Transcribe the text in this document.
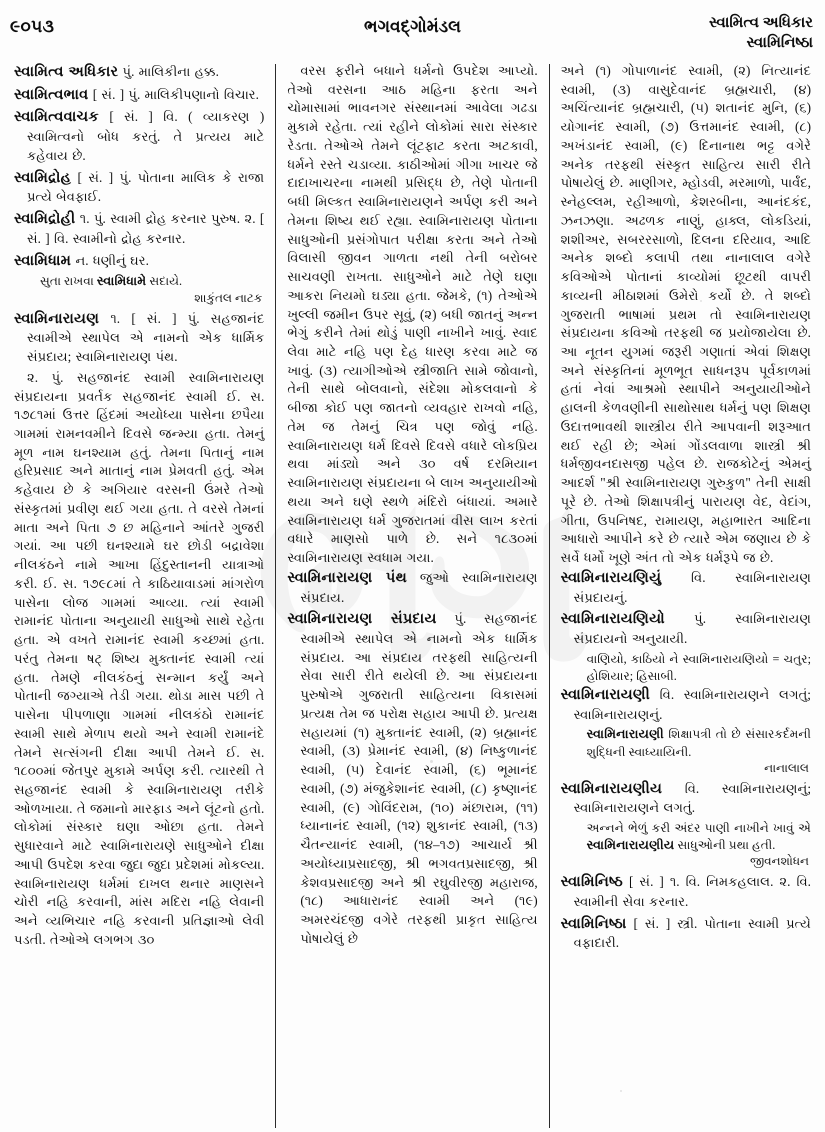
૯૦૫૩	ભગવદ્‌ગોમંડલ	સ્વામિત્વ અધિકાર
સ્વામિનિષ્ઠા

સ્વામિત્વ અધિકાર પું. માલિકીના હક્ક.

સ્વામિત્વભાવ [ સં. ] પું. માલિકીપણાનો વિચાર.

સ્વામિત્વવાચક [ સં. ] વિ. ( વ્યાકરણ ) સ્વામિત્વનો બોધ કરતું. તે પ્રત્યય માટે કહેવાય છે.

સ્વામિદ્રોહ [ સં. ] પું. પોતાના માલિક કે રાજા પ્રત્યે બેવફાઈ.

સ્વામિદ્રોહી ૧. પું. સ્વામી દ્રોહ કરનાર પુરુષ. ૨. [ સં. ] વિ. સ્વામીનો દ્રોહ કરનાર.

સ્વામિધામ ન. ધણીનું ઘર.

સુતા રાખવા સ્વામિધામે સદાયે.

શાકુંતલ નાટક

સ્વામિનારાયણ ૧. [ સં. ] પું. સહજાનંદ સ્વામીએ સ્થાપેલ એ નામનો એક ધાર્મિક સંપ્રદાય; સ્વામિનારાયણ પંથ.

૨. પું. સહજાનંદ સ્વામી સ્વામિનારાયણ સંપ્રદાયના પ્રવર્તક સહજાનંદ સ્વામી ઈ. સ. ૧૭૮૧માં ઉત્તર હિંદમાં અયોધ્યા પાસેના છપૈયા ગામમાં રામનવમીને દિવસે જન્મ્યા હતા. તેમનું મૂળ નામ ઘનશ્યામ હતું. તેમના પિતાનું નામ હરિપ્રસાદ અને માતાનું નામ પ્રેમવતી હતું. એમ કહેવાય છે કે અગિયાર વરસની ઉંમરે તેઓ સંસ્કૃતમાં પ્રવીણ થઈ ગયા હતા. તે વરસે તેમનાં માતા અને પિતા ૭ છ મહિનાને આંતરે ગુજરી ગયાં. આ પછી ઘનશ્યામે ઘર છોડી બદ્રાવેશા નીલકંઠને નામે આખા હિંદુસ્તાનની યાત્રાઓ કરી. ઈ. સ. ૧૭૯૮માં તે કાઠિયાવાડમાં માંગરોળ પાસેના લોજ ગામમાં આવ્યા. ત્યાં સ્વામી રામાનંદ પોતાના અનુયાયી સાધુઓ સાથે રહેતા હતા. એ વખતે રામાનંદ સ્વામી કચ્છમાં હતા. પરંતુ તેમના ષટ્‌ શિષ્ય મુક્તાનંદ સ્વામી ત્યાં હતા. તેમણે નીલકંઠનું સન્માન કર્યું અને પોતાની જગ્યાએ તેડી ગયા. થોડા માસ પછી તે પાસેના પીપળાણા ગામમાં નીલકંઠો રામાનંદ સ્વામી સાથે મેળાપ થયો અને સ્વામી રામાનંદે તેમને સત્સંગની દીક્ષા આપી તેમને ઈ. સ. ૧૮૦૦માં જેતપુર મુકામે અર્પણ કરી. ત્યારથી તે સહજાનંદ સ્વામી કે સ્વામિનારાયણ તરીકે ઓળખાયા. તે જમાનો મારફાડ અને લૂંટનો હતો. લોકોમાં સંસ્કાર ઘણા ઓછા હતા. તેમને સુધારવાને માટે સ્વામિનારાયણે સાધુઓને દીક્ષા આપી ઉપદેશ કરવા જુદા જુદા પ્રદેશમાં મોકલ્યા. સ્વામિનારાયણ ધર્મમાં દાખલ થનાર માણસને ચોરી નહિ કરવાની, માંસ મદિરા નહિ લેવાની અને વ્યભિચાર નહિ કરવાની પ્રતિજ્ઞાઓ લેવી પડતી. તેઓએ લગભગ ૩૦

વરસ ફરીને બધાને ધર્મનો ઉપદેશ આપ્યો. તેઓ વરસના આઠ મહિના ફરતા અને ચોમાસામાં ભાવનગર સંસ્થાનમાં આવેલા ગઢડા મુકામે રહેતા. ત્યાં રહીને લોકોમાં સારા સંસ્કાર રેડતા. તેઓએ તેમને લૂંટફાટ કરતા અટકાવી, ધર્મને રસ્તે ચડાવ્યા. કાઠીઓમાં ગીગા ખાચર જે દાદાખાચરના નામથી પ્રસિદ્ધ છે, તેણે પોતાની બધી મિલ્કત સ્વામિનારાયણને અર્પણ કરી અને તેમના શિષ્ય થઈ રહ્યા. સ્વામિનારાયણ પોતાના સાધુઓની પ્રસંગોપાત પરીક્ષા કરતા અને તેઓ વિલાસી જીવન ગાળતા નથી તેની બરોબર સાચવણી રાખતા. સાધુઓને માટે તેણે ઘણા આકરા નિયમો ઘડ્યા હતા. જેમકે, (૧) તેઓએ ખુલ્લી જમીન ઉપર સૂવું, (૨) બધી જાતનું અન્ન ભેગું કરીને તેમાં થોડું પાણી નાખીને ખાવું. સ્વાદ લેવા માટે નહિ પણ દેહ ધારણ કરવા માટે જ ખાવું. (૩) ત્યાગીઓએ સ્ત્રીજાતિ સામે જોવાનો, તેની સાથે બોલવાનો, સંદેશા મોકલવાનો કે બીજા કોઈ પણ જાતનો વ્યવહાર રાખવો નહિ, તેમ જ તેમનું ચિત્ર પણ જોવું નહિ. સ્વામિનારાયણ ધર્મ દિવસે દિવસે વધારે લોકપ્રિય થવા માંડ્યો અને ૩૦ વર્ષ દરમિયાન સ્વામિનારાયણ સંપ્રદાયના બે લાખ અનુયાયીઓ થયા અને ઘણે સ્થળે મંદિરો બંધાયાં. અમારે સ્વામિનારાયણ ધર્મ ગુજરાતમાં વીસ લાખ કરતાં વધારે માણસો પાળે છે. સને ૧૮૩૦માં સ્વામિનારાયણ સ્વધામ ગયા.

સ્વામિનારાયણ પંથ જુઓ સ્વામિનારાયણ સંપ્રદાય.

સ્વામિનારાયણ સંપ્રદાય પું. સહજાનંદ સ્વામીએ સ્થાપેલ એ નામનો એક ધાર્મિક સંપ્રદાય. આ સંપ્રદાય તરફથી સાહિત્યની સેવા સારી રીતે થયેલી છે. આ સંપ્રદાયના પુરુષોએ ગુજરાતી સાહિત્યના વિકાસમાં પ્રત્યક્ષ તેમ જ પરોક્ષ સહાય આપી છે. પ્રત્યક્ષ સહાયમાં (૧) મુક્તાનંદ સ્વામી, (૨) બ્રહ્માનંદ સ્વામી, (૩) પ્રેમાનંદ સ્વામી, (૪) નિષ્કુળાનંદ સ્વામી, (૫) દેવાનંદ સ્વામી, (૬) ભૂમાનંદ સ્વામી, (૭) મંજુકેશાનંદ સ્વામી, (૮) કૃષ્ણાનંદ સ્વામી, (૯) ગોવિંદરામ, (૧૦) મંછારામ, (૧૧) ધ્યાનાનંદ સ્વામી, (૧૨) શુકાનંદ સ્વામી, (૧૩) ચૈતન્યાનંદ સ્વામી, (૧૪–૧૭) આચાર્ય શ્રી અયોધ્યાપ્રસાદજી, શ્રી ભગવતપ્રસાદજી, શ્રી કેશવપ્રસાદજી અને શ્રી રઘુવીરજી મહારાજ, (૧૮) આધારાનંદ સ્વામી અને (૧૯) અમરચંદજી વગેરે તરફથી પ્રાકૃત સાહિત્ય પોષાયેલું છે

અને (૧) ગોપાળાનંદ સ્વામી, (૨) નિત્યાનંદ સ્વામી, (૩) વાસુદેવાનંદ બ્રહ્મચારી, (૪) અચિંત્યાનંદ બ્રહ્મચારી, (૫) શતાનંદ મુનિ, (૬) યોગાનંદ સ્વામી, (૭) ઉત્તમાનંદ સ્વામી, (૮) અખંડાનંદ સ્વામી, (૯) દિનાનાથ ભટ્ટ વગેરે અનેક તરફથી સંસ્કૃત સાહિત્ય સારી રીતે પોષાયેલું છે. માણીગર, મ્હોડવી, મરમાળો, પાર્વંદ, સ્નેહલ્લમ, રહીઆળો, કેશરબીના, આનંદકંદ, ઝનઝણા. અઢળક નાણું, હાક્લ, લોકડિયાં, શશીઅર, સબરરસાળો, દિલના દરિયાવ, આદિ અનેક શબ્દો કલાપી તથા નાનાલાલ વગેરે કવિઓએ પોતાનાં કાવ્યોમાં છૂટથી વાપરી કાવ્યની મીઠાશમાં ઉમેરો કર્યો છે. તે શબ્દો ગુજરાતી ભાષામાં પ્રથમ તો સ્વામિનારાયણ સંપ્રદાયના કવિઓ તરફથી જ પ્રયોજાયેલા છે. આ નૂતન યુગમાં જરૂરી ગણાતાં એવાં શિક્ષણ અને સંસ્કૃતિનાં મૂળભૂત સાધનરૂપ પૂર્વકાળમાં હતાં નેવાં આશ્રમો સ્થાપીને અનુયાયીઓને હાલની કેળવણીની સાથોસાથ ધર્મનું પણ શિક્ષણ ઉદાત્તભાવથી શાસ્ત્રીય રીતે આપવાની શરૂઆત થઈ રહી છે; એમાં ગોંડલવાળા શાસ્ત્રી શ્રી ધર્મજીવનદાસજી પહેલ છે. રાજકોટેનું એમનું આદર્શ "શ્રી સ્વામિનારાયણ ગુરુકુળ" તેની સાક્ષી પૂરે છે. તેઓ શિક્ષાપત્રીનું પારાયણ વેદ, વેદાંગ, ગીતા, ઉપનિષદ, રામાયણ, મહાભારત આદિના આધારો આપીને કરે છે ત્યારે એમ જણાય છે કે સર્વે ધર્મો ખૂણે અંત તો એક ધર્મરૂપે જ છે.

સ્વામિનારાયણિયું વિ. સ્વામિનારાયણ સંપ્રદાયનું.

સ્વામિનારાયણિયો પું. સ્વામિનારાયણ સંપ્રદાયનો અનુયાયી.

વાણિયો, કાઠિયો ને સ્વામિનારાયણિયો = ચતુર; હોશિયાર; હિસાબી.

સ્વામિનારાયણી વિ. સ્વામિનારાયણને લગતું; સ્વામિનારાયણનું.

સ્વામિનારાયણી શિક્ષાપત્રી તો છે સંસારકર્દમની શુદ્ધિની સ્વાધ્યાયિની.

નાનાલાલ

સ્વામિનારાયણીય વિ. સ્વામિનારાયણનું; સ્વામિનારાયણને લગતું.

અન્નને ભેળું કરી અંદર પાણી નાખીને ખાવું એ સ્વામિનારાયણીય સાધુઓની પ્રથા હતી.

જીવનશોધન

સ્વામિનિષ્ઠ [ સં. ] ૧. વિ. નિમકહલાલ. ૨. વિ. સ્વામીની સેવા કરનાર.

સ્વામિનિષ્ઠા [ સં. ] સ્ત્રી. પોતાના સ્વામી પ્રત્યે વફાદારી.
